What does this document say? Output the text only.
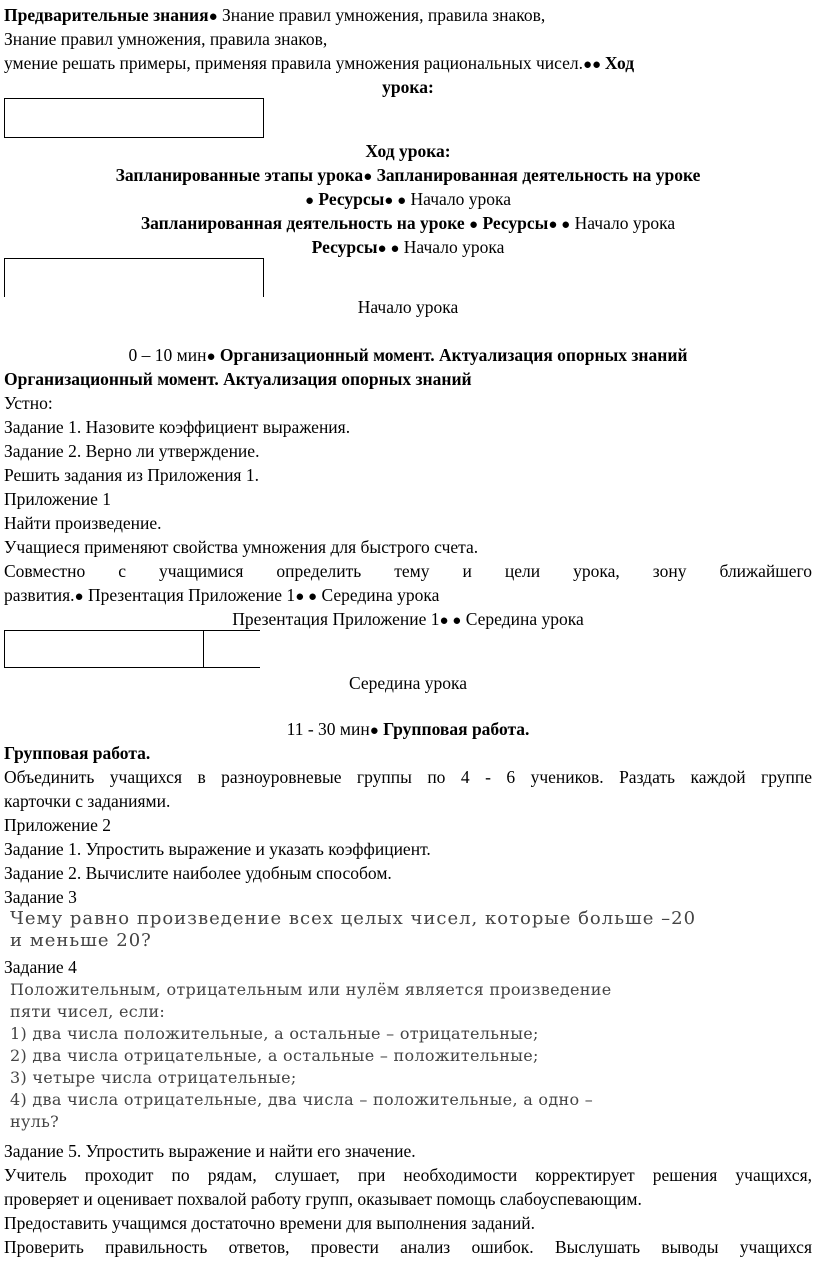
Предварительные знания● Знание правил умножения, правила знаков,
Знание правил умножения, правила знаков,
умение решать примеры, применяя правила умножения рациональных чисел.●● Ход
урока:
Ход урока:
Запланированные этапы урока● Запланированная деятельность на уроке
● Ресурсы● ● Начало урока
Запланированная деятельность на уроке ● Ресурсы● ● Начало урока
Ресурсы● ● Начало урока
Начало урока
0 – 10 мин● Организационный момент. Актуализация опорных знаний
Организационный момент. Актуализация опорных знаний
Устно:
Задание 1. Назовите коэффициент выражения.
Задание 2. Верно ли утверждение.
Решить задания из Приложения 1.
Приложение 1
Найти произведение.
Учащиеся применяют свойства умножения для быстрого счета.
Совместно с учащимися определить тему и цели урока, зону ближайшего
развития.● Презентация Приложение 1● ● Середина урока
Презентация Приложение 1● ● Середина урока
Середина урока
11 - 30 мин● Групповая работа.
Групповая работа.
Объединить учащихся в разноуровневые группы по 4 - 6 учеников. Раздать каждой группе
карточки с заданиями.
Приложение 2
Задание 1. Упростить выражение и указать коэффициент.
Задание 2. Вычислите наиболее удобным способом.
Задание 3
Чему равно произведение всех целых чисел, которые больше –20
и меньше 20?
Задание 4
Положительным, отрицательным или нулём является произведение
пяти чисел, если:
1) два числа положительные, а остальные – отрицательные;
2) два числа отрицательные, а остальные – положительные;
3) четыре числа отрицательные;
4) два числа отрицательные, два числа – положительные, а одно –
нуль?
Задание 5. Упростить выражение и найти его значение.
Учитель проходит по рядам, слушает, при необходимости корректирует решения учащихся,
проверяет и оценивает похвалой работу групп, оказывает помощь слабоуспевающим.
Предоставить учащимся достаточно времени для выполнения заданий.
Проверить правильность ответов, провести анализ ошибок. Выслушать выводы учащихся
